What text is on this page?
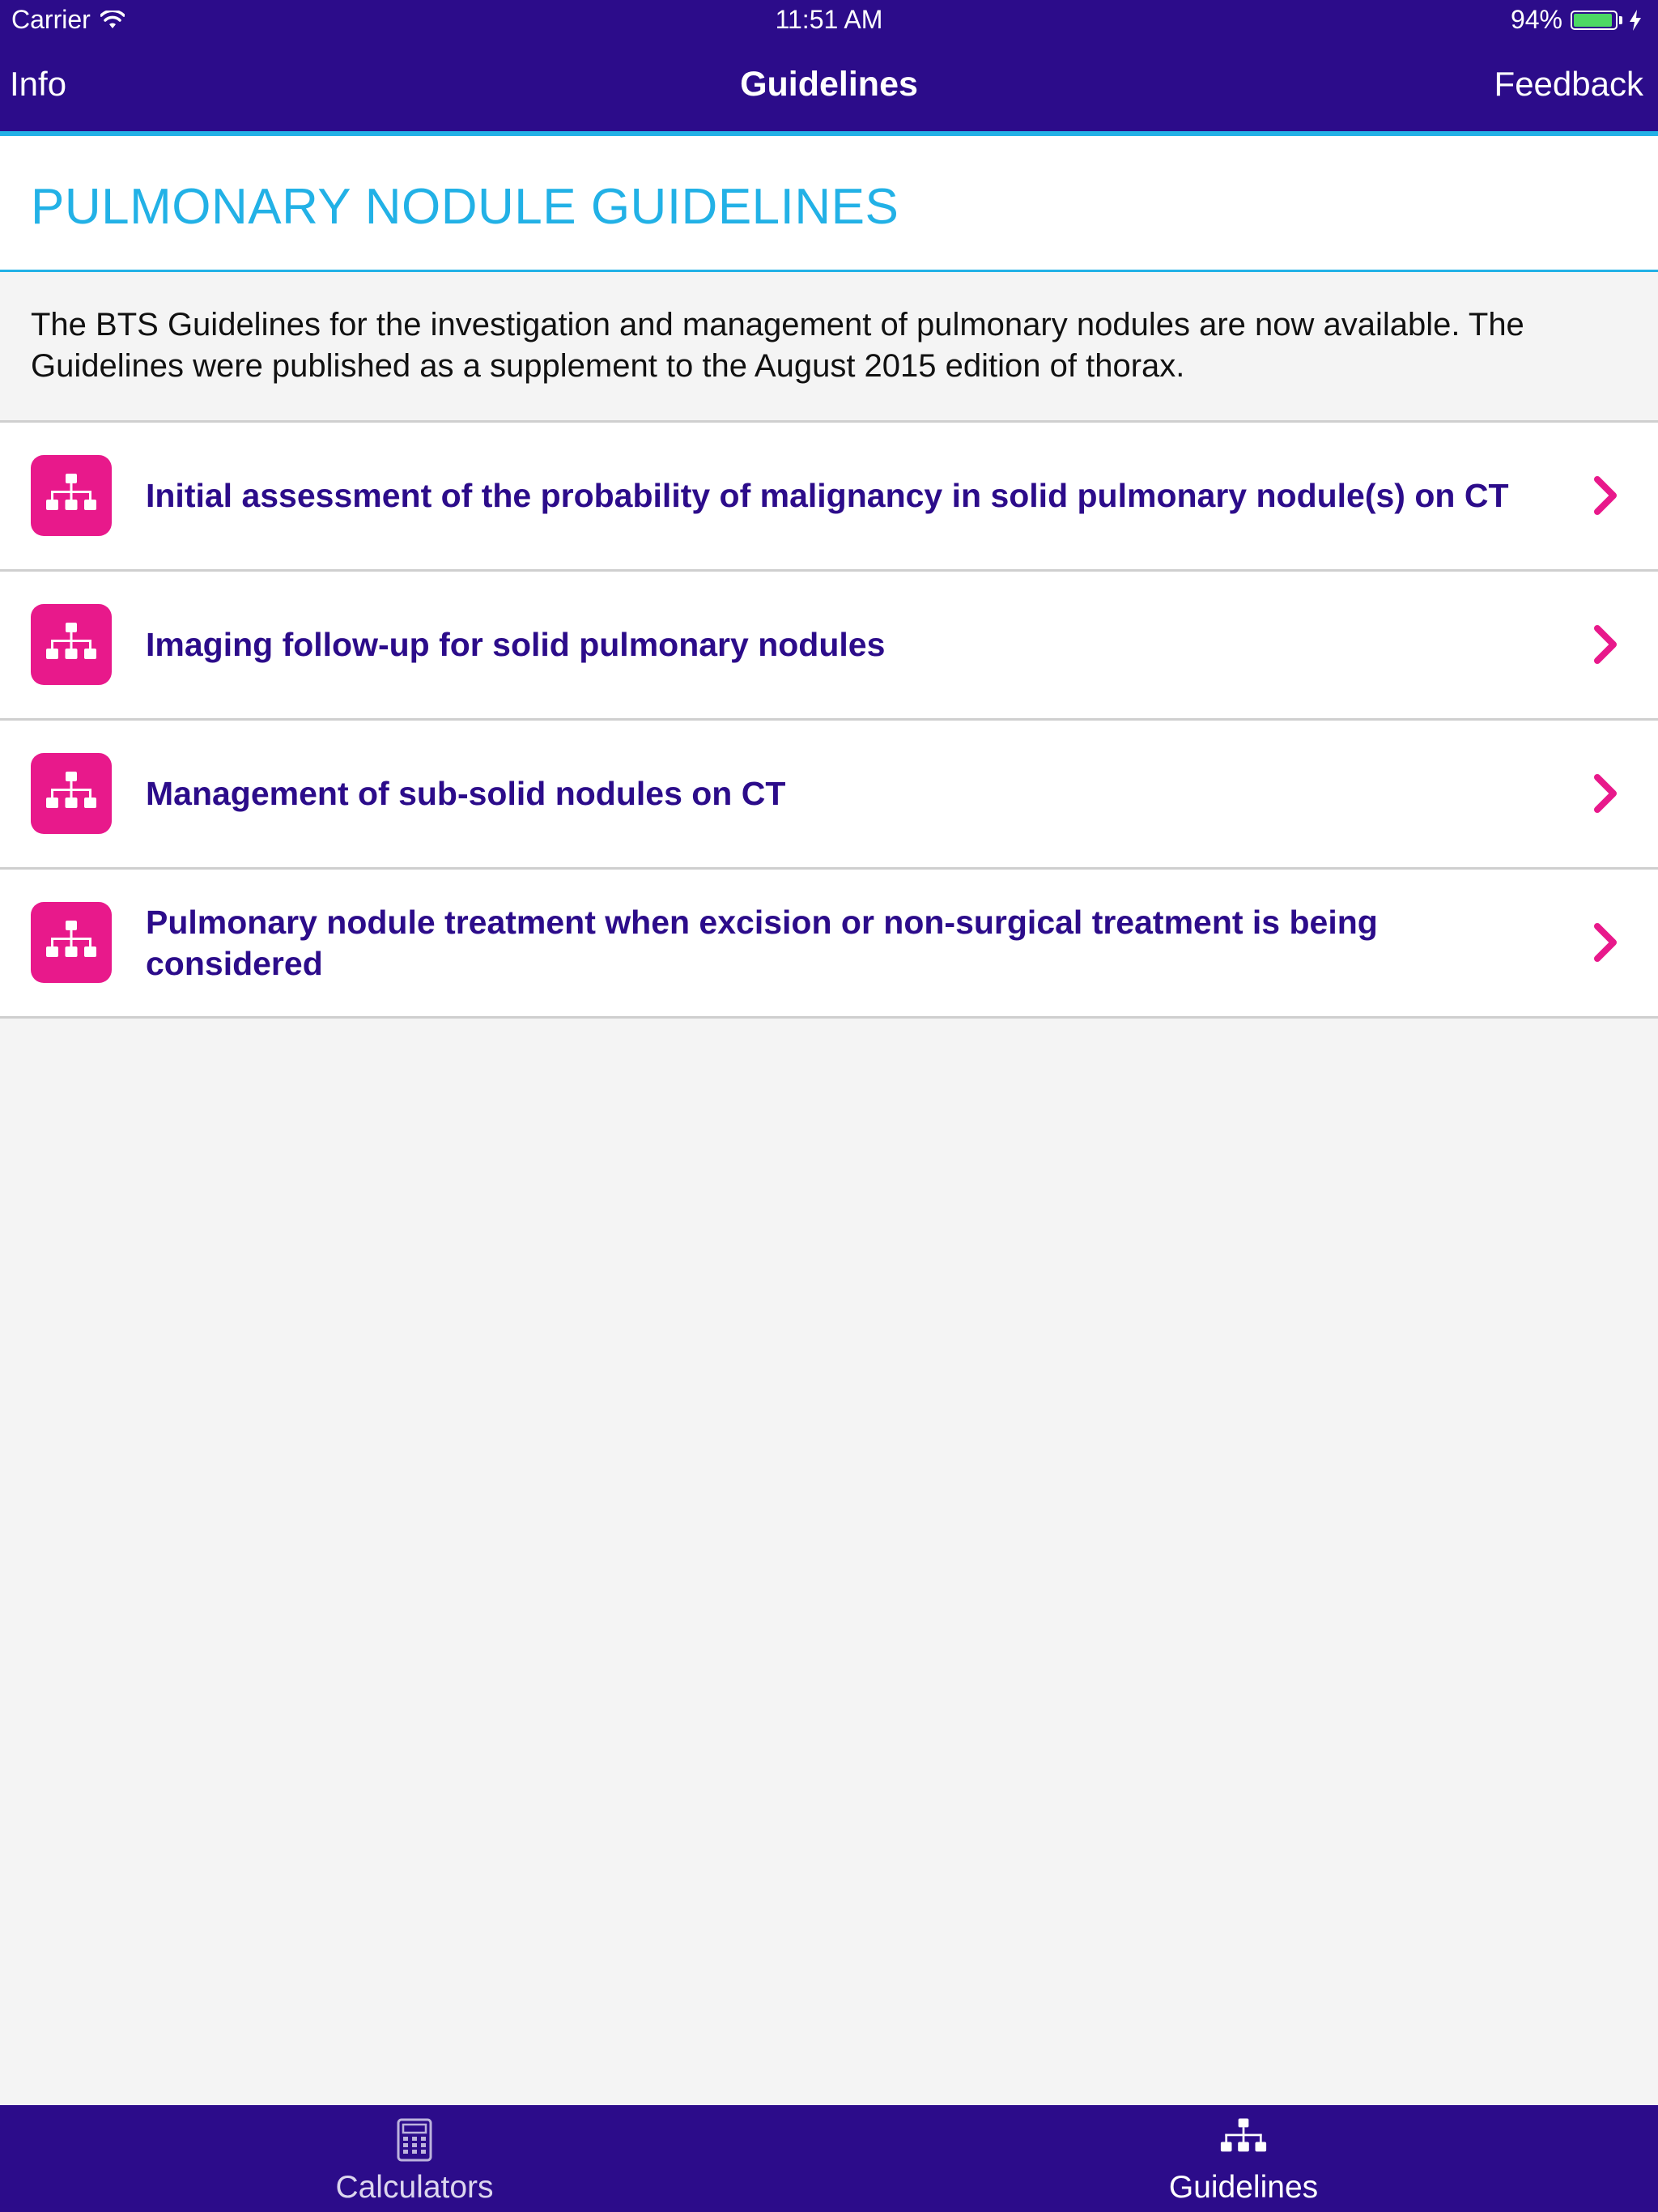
Carrier	11:51 AM	94%
Info	Guidelines	Feedback
PULMONARY NODULE GUIDELINES

The BTS Guidelines for the investigation and management of pulmonary nodules are now available. The Guidelines were published as a supplement to the August 2015 edition of thorax.

Initial assessment of the probability of malignancy in solid pulmonary nodule(s) on CT
Imaging follow-up for solid pulmonary nodules
Management of sub-solid nodules on CT
Pulmonary nodule treatment when excision or non-surgical treatment is being considered
Calculators	Guidelines
